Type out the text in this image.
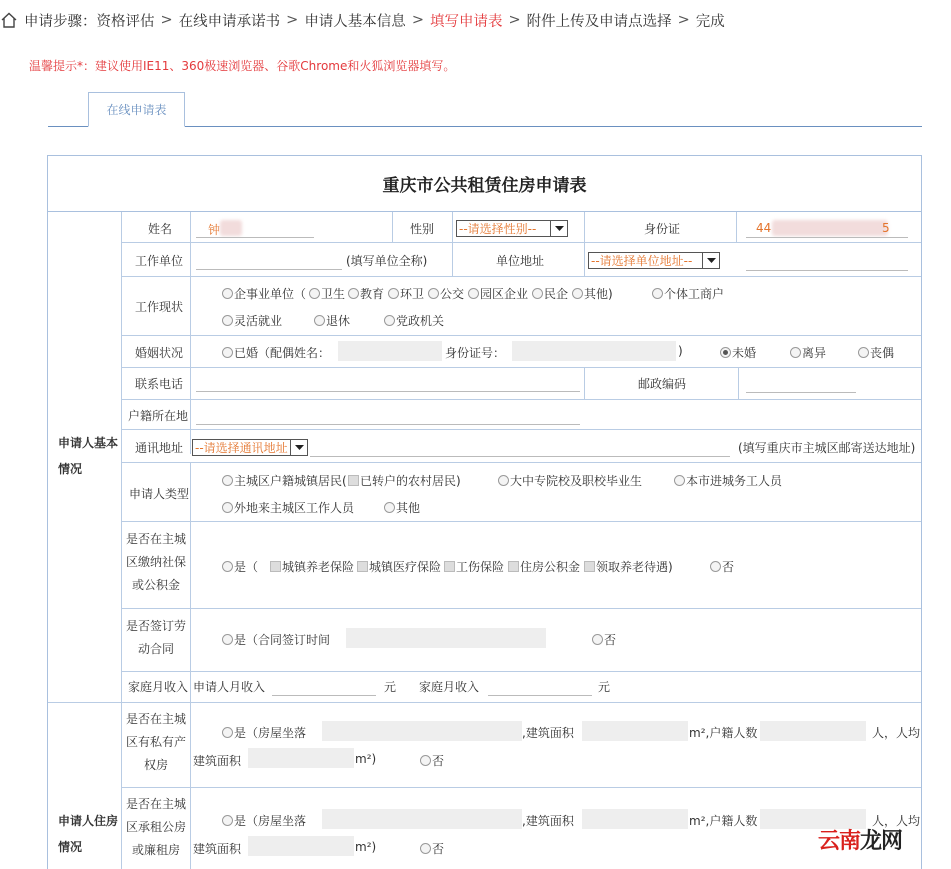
申请步骤： 资格评估 > 在线申请承诺书 > 申请人基本信息 > 填写申请表 > 附件上传及申请点选择 > 完成
温馨提示*：建议使用IE11、360极速浏览器、谷歌Chrome和火狐浏览器填写。
在线申请表
重庆市公共租赁住房申请表
申请人基本
情况
申请人住房
情况
姓名	钟	性别 --请选择性别--	身份证	44	5
工作单位	(填写单位全称)	单位地址	--请选择单位地址--
工作现状
企事业单位（ 卫生 教育 环卫 公交 园区企业 民企 其他)	个体工商户
灵活就业	退休	党政机关
婚姻状况	已婚（配偶姓名：	身份证号：	)	未婚	离异	丧偶
联系电话	邮政编码
户籍所在地
通讯地址 --请选择通讯地址	(填写重庆市主城区邮寄送达地址)
申请人类型
主城区户籍城镇居民( 已转户的农村居民)	大中专院校及职校毕业生	本市进城务工人员
外地来主城区工作人员	其他
是否在主城
区缴纳社保
或公积金
是（ 城镇养老保险 城镇医疗保险 工伤保险 住房公积金 领取养老待遇)	否
是否签订劳
动合同
是（合同签订时间	否
家庭月收入 申请人月收入	元 家庭月收入	元
是否在主城
区有私有产
权房
是（房屋坐落	,建筑面积	m²,户籍人数	人，人均
建筑面积	m²)	否
是否在主城
区承租公房
或廉租房
是（房屋坐落	,建筑面积	m²,户籍人数	人，人均
建筑面积	m²)	否	云南龙网
